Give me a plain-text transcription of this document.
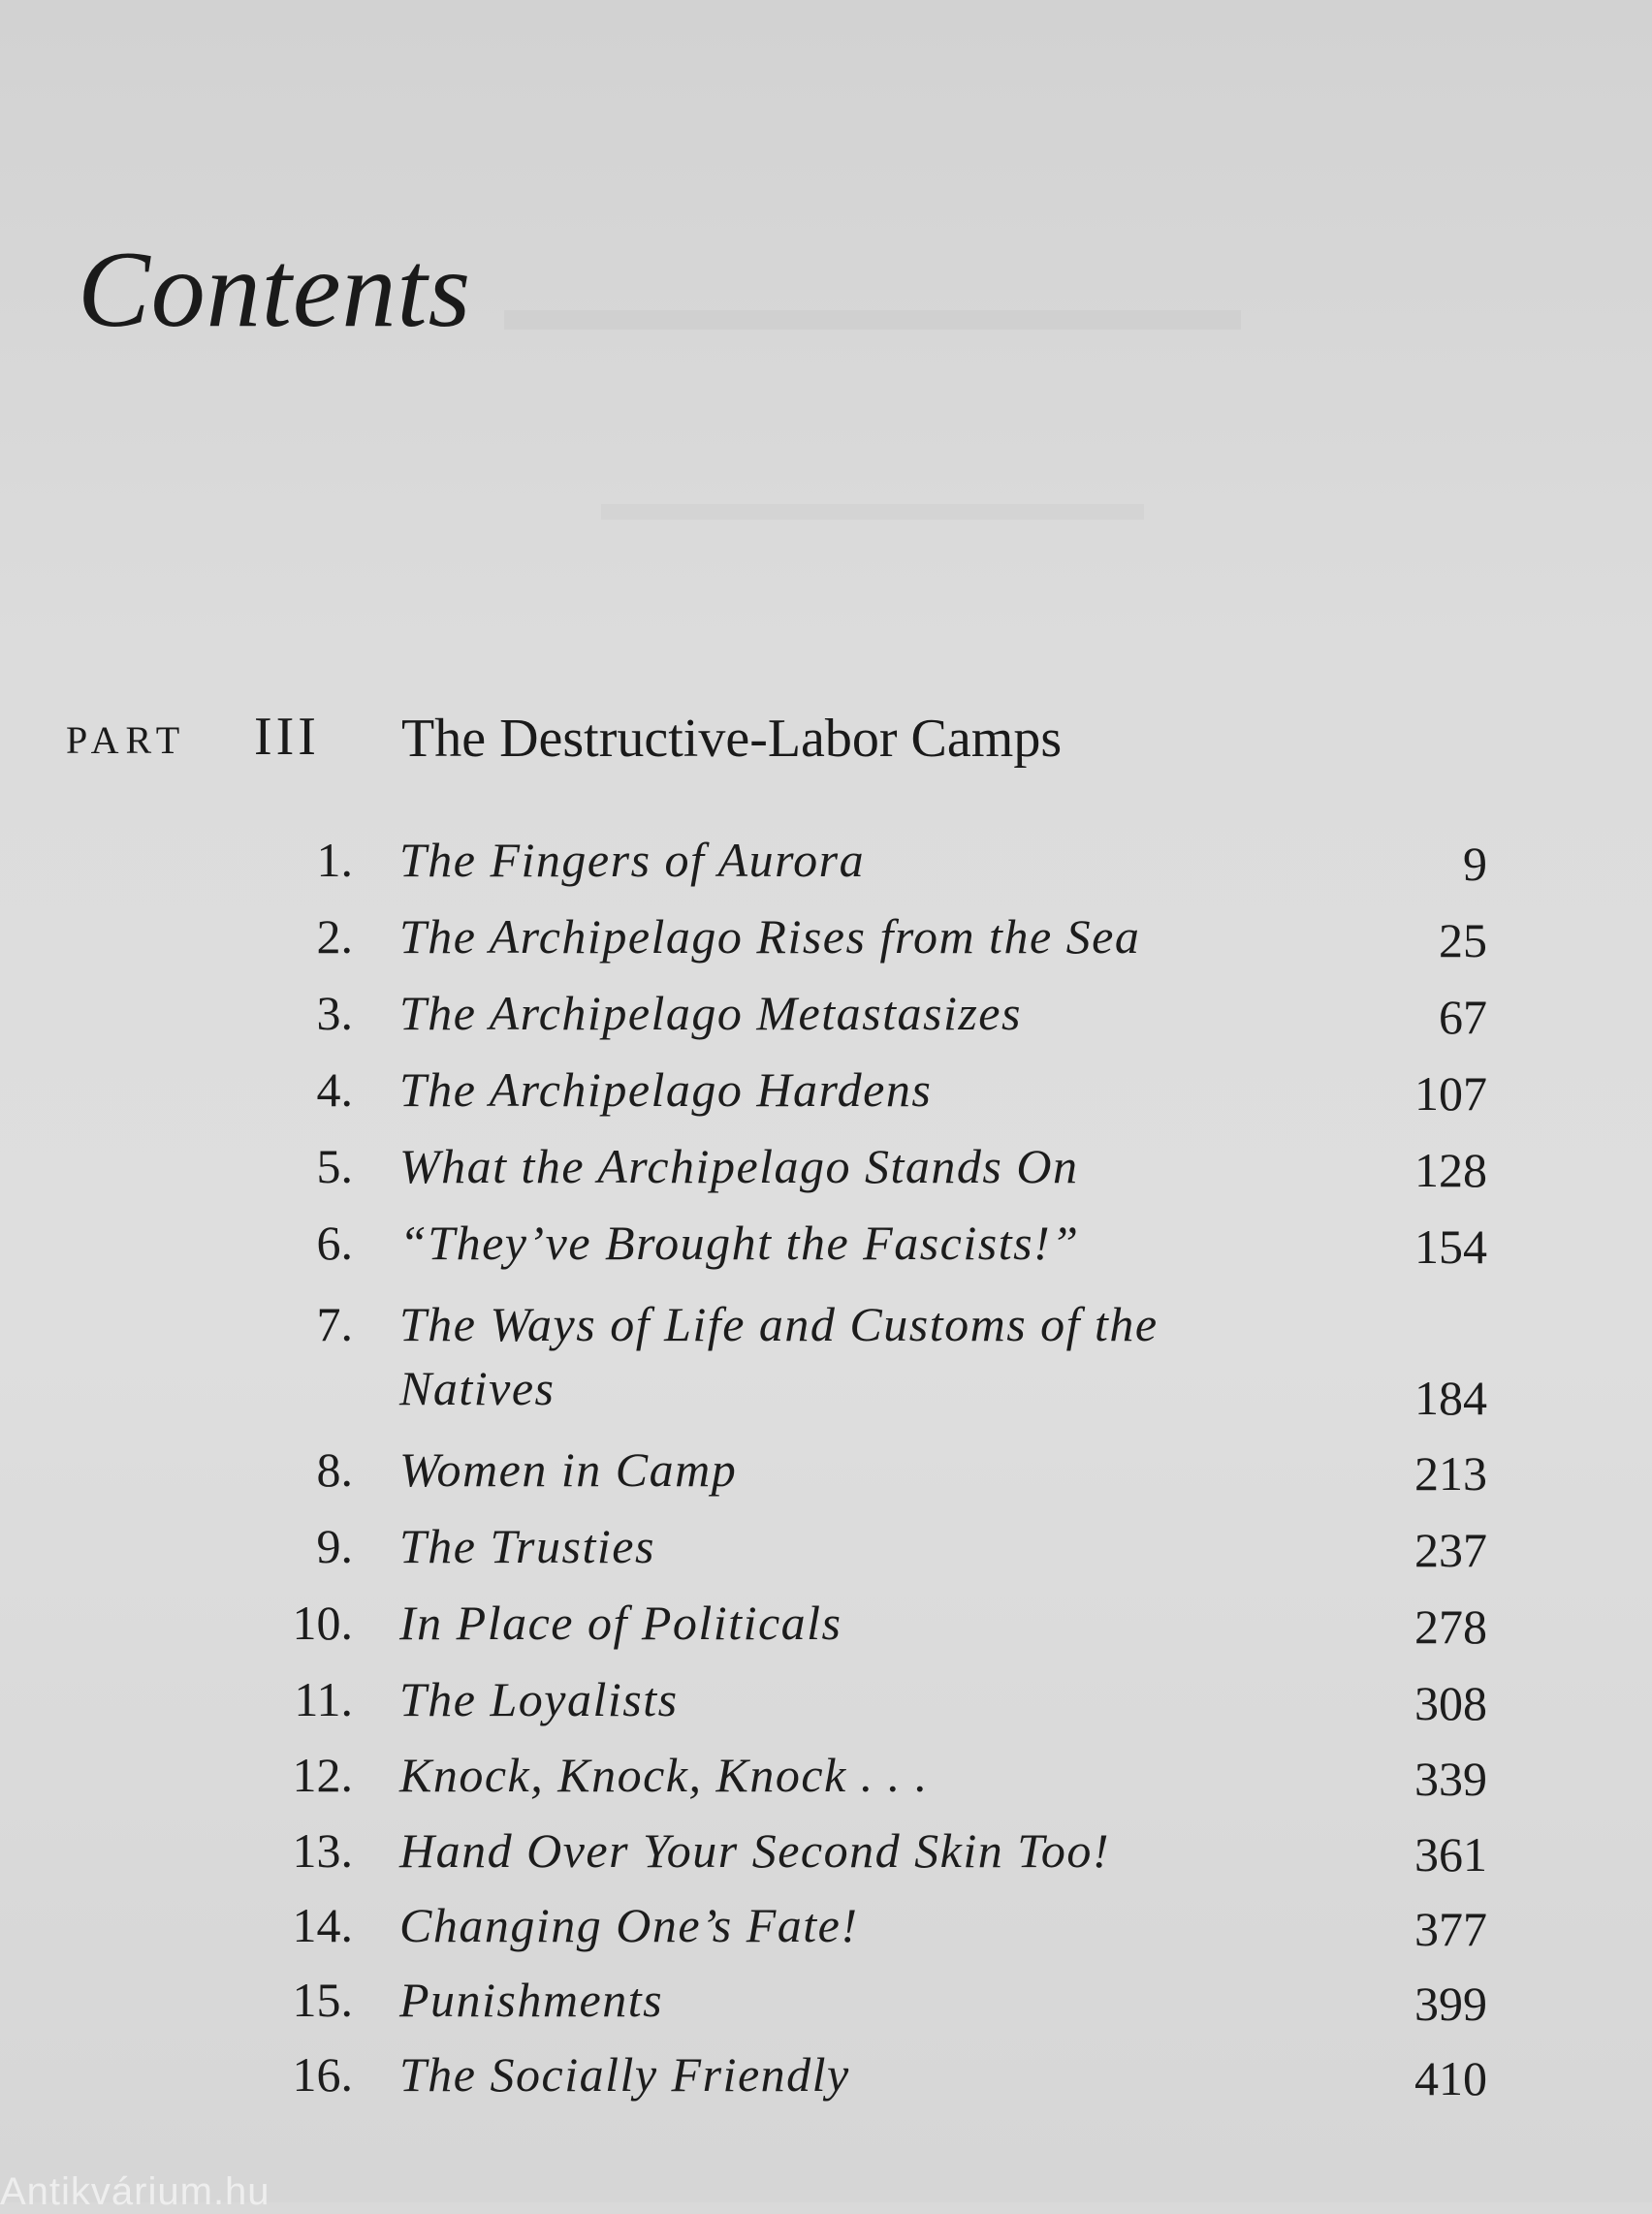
Contents
PART III The Destructive-Labor Camps
1. The Fingers of Aurora	9
2. The Archipelago Rises from the Sea	25
3. The Archipelago Metastasizes	67
4. The Archipelago Hardens	107
5. What the Archipelago Stands On	128
6. “They’ve Brought the Fascists!”	154
7. The Ways of Life and Customs of the Natives	184
8. Women in Camp	213
9. The Trusties	237
10. In Place of Politicals	278
11. The Loyalists	308
12. Knock, Knock, Knock . . .	339
13. Hand Over Your Second Skin Too!	361
14. Changing One’s Fate!	377
15. Punishments	399
16. The Socially Friendly	410
Antikvárium.hu
